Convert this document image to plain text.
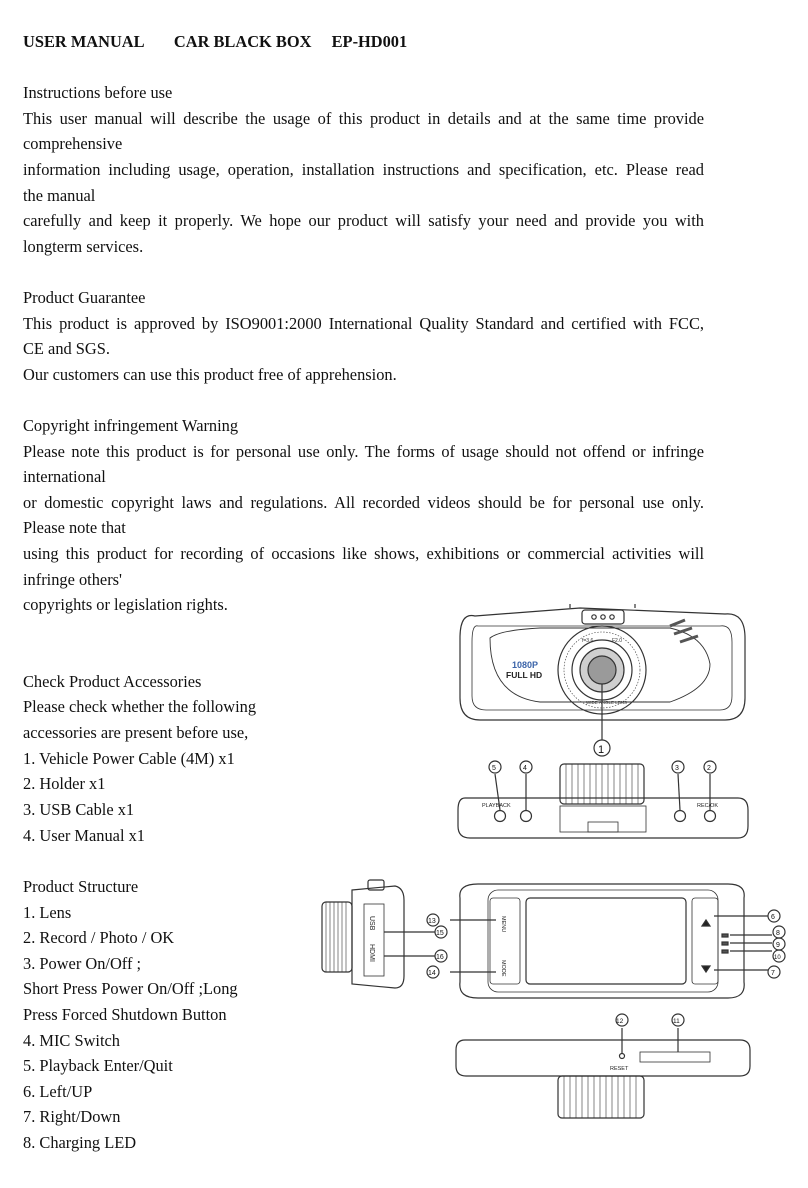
USER MANUAL CAR BLACK BOX EP-HD001
Instructions before use
This user manual will describe the usage of this product in details and at the same time provide
comprehensive
information including usage, operation, installation instructions and specification, etc. Please read
the manual
carefully and keep it properly. We hope our product will satisfy your need and provide you with
longterm services.
Product Guarantee
This product is approved by ISO9001:2000 International Quality Standard and certified with FCC,
CE and SGS.
Our customers can use this product free of apprehension.
Copyright infringement Warning
Please note this product is for personal use only. The forms of usage should not offend or infringe
international
or domestic copyright laws and regulations. All recorded videos should be for personal use only.
Please note that
using this product for recording of occasions like shows, exhibitions or commercial activities will
infringe others'
copyrights or legislation rights.
Check Product Accessories
Please check whether the following
accessories are present before use,
1. Vehicle Power Cable (4M) x1
2. Holder x1
3. USB Cable x1
4. User Manual x1
Product Structure
1. Lens
2. Record / Photo / OK
3. Power On/Off ;
Short Press Power On/Off ;Long
Press Forced Shutdown Button
4. MIC Switch
5. Playback Enter/Quit
6. Left/UP
7. Right/Down
8. Charging LED
f=3.6	F2.0
WIDE ANGLE LENS
1080P
FULL HD
1
PLAYBACK	REC/OK
5	4	3	2
USB
HDMI
15
16
MENU
MODE
13
14
6
8
9
10
7
RESET
12	11
